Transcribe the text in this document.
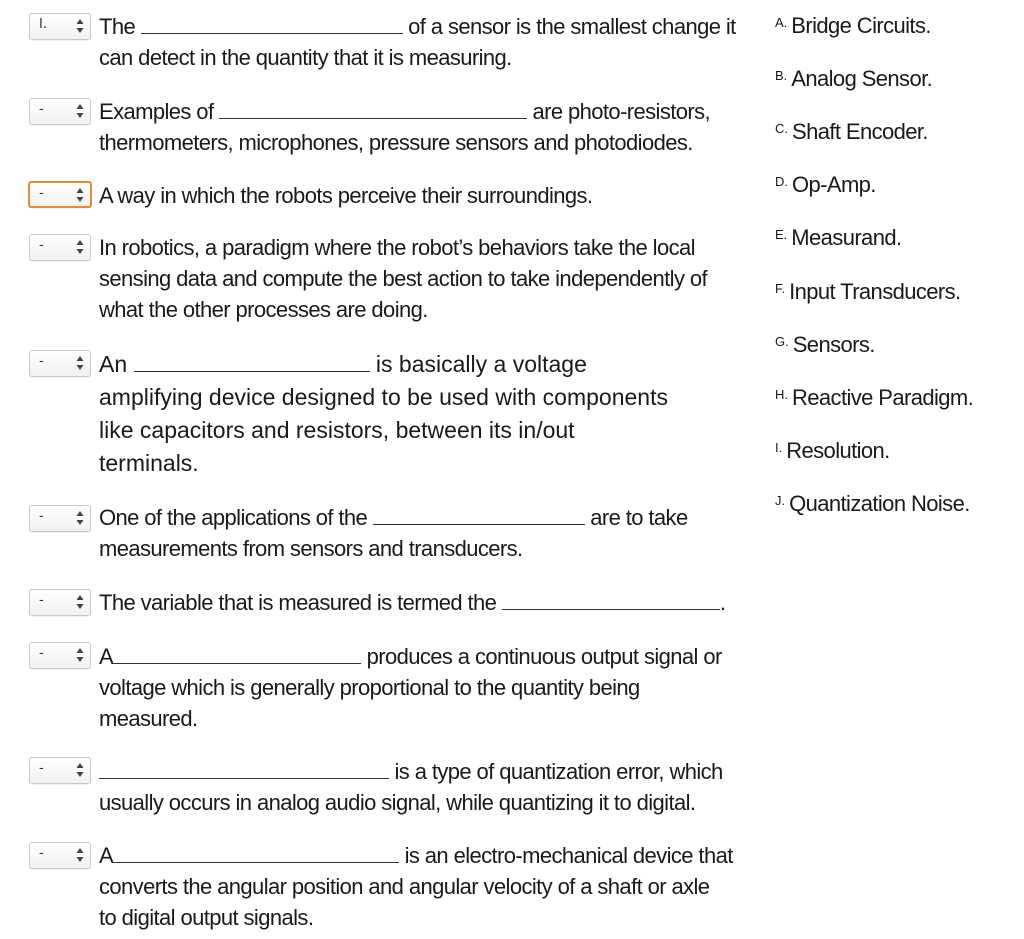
I.
-
-
-
-
-
-
-
-
-
The	of a sensor is the smallest change it
can detect in the quantity that it is measuring.
Examples of	are photo-resistors,
thermometers, microphones, pressure sensors and photodiodes.
A way in which the robots perceive their surroundings.
In robotics, a paradigm where the robot’s behaviors take the local
sensing data and compute the best action to take independently of
what the other processes are doing.
An	is basically a voltage
amplifying device designed to be used with components
like capacitors and resistors, between its in/out
terminals.
One of the applications of the	are to take
measurements from sensors and transducers.
The variable that is measured is termed the	.
A	produces a continuous output signal or
voltage which is generally proportional to the quantity being
measured.
is a type of quantization error, which
usually occurs in analog audio signal, while quantizing it to digital.
A	is an electro-mechanical device that
converts the angular position and angular velocity of a shaft or axle
to digital output signals.
$^{A.}$ Bridge Circuits.
$^{B.}$ Analog Sensor.
$^{C.}$ Shaft Encoder.
$^{D.}$ Op-Amp.
$^{E.}$ Measurand.
$^{F.}$ Input Transducers.
$^{G.}$ Sensors.
$^{H.}$ Reactive Paradigm.
$^{I.}$ Resolution.
$^{J.}$ Quantization Noise.
